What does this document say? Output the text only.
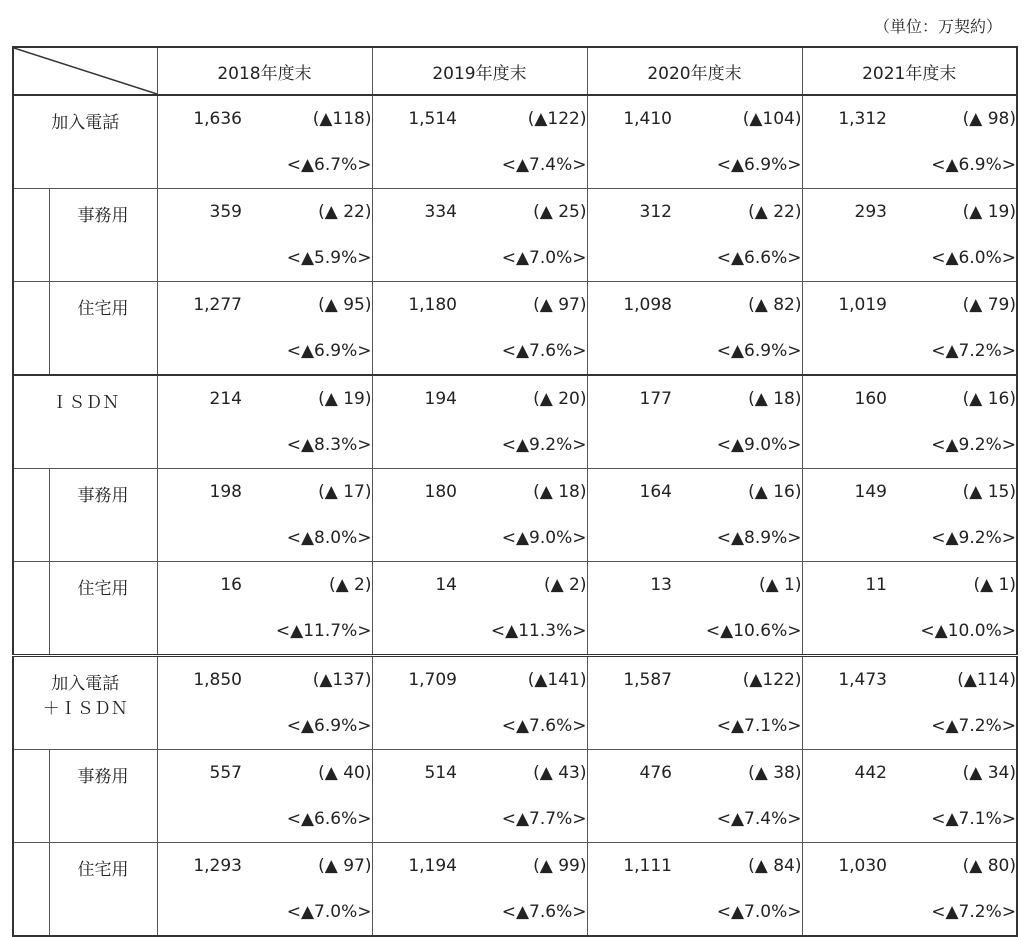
（単位：万契約）
		2018年度末		2019年度末		2020年度末		2021年度末	
加入電話		1,636	(▲118)	1,514	(▲122)	1,410	(▲104)	1,312	(▲ 98)
			<▲6.7%>		<▲7.4%>		<▲6.9%>		<▲6.9%>
	事務用	359	(▲ 22)	334	(▲ 25)	312	(▲ 22)	293	(▲ 19)
			<▲5.9%>		<▲7.0%>		<▲6.6%>		<▲6.0%>
	住宅用	1,277	(▲ 95)	1,180	(▲ 97)	1,098	(▲ 82)	1,019	(▲ 79)
			<▲6.9%>		<▲7.6%>		<▲6.9%>		<▲7.2%>
ＩＳＤＮ		214	(▲ 19)	194	(▲ 20)	177	(▲ 18)	160	(▲ 16)
			<▲8.3%>		<▲9.2%>		<▲9.0%>		<▲9.2%>
	事務用	198	(▲ 17)	180	(▲ 18)	164	(▲ 16)	149	(▲ 15)
			<▲8.0%>		<▲9.0%>		<▲8.9%>		<▲9.2%>
	住宅用	16	(▲ 2)	14	(▲ 2)	13	(▲ 1)	11	(▲ 1)
			<▲11.7%>		<▲11.3%>		<▲10.6%>		<▲10.0%>
加入電話
＋ＩＳＤＮ		1,850	(▲137)	1,709	(▲141)	1,587	(▲122)	1,473	(▲114)
			<▲6.9%>		<▲7.6%>		<▲7.1%>		<▲7.2%>
	事務用	557	(▲ 40)	514	(▲ 43)	476	(▲ 38)	442	(▲ 34)
			<▲6.6%>		<▲7.7%>		<▲7.4%>		<▲7.1%>
	住宅用	1,293	(▲ 97)	1,194	(▲ 99)	1,111	(▲ 84)	1,030	(▲ 80)
			<▲7.0%>		<▲7.6%>		<▲7.0%>		<▲7.2%>
